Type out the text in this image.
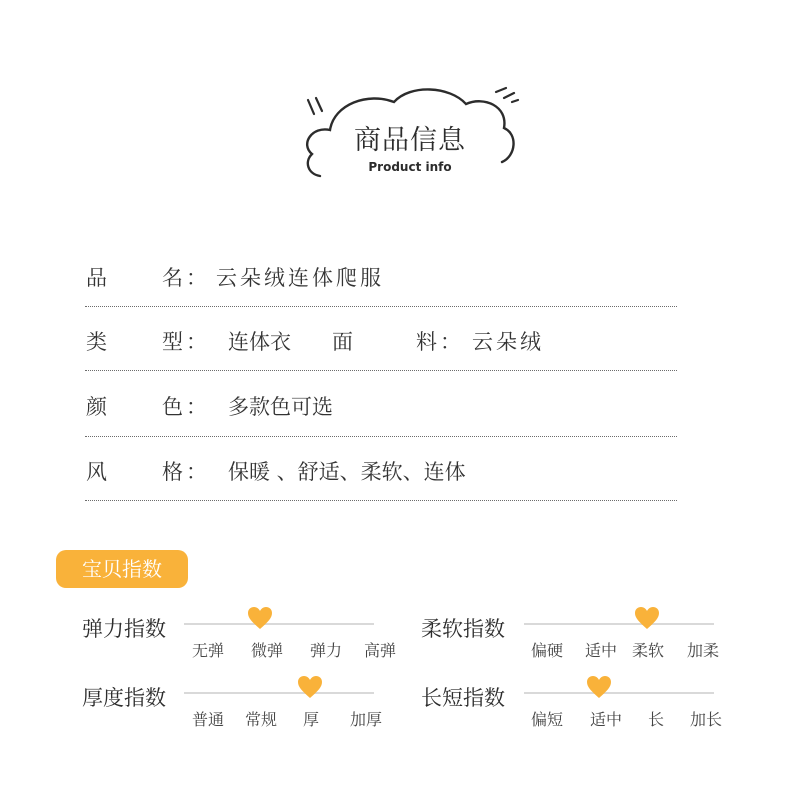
商品信息
Product info
品	名 ： 云朵绒连体爬服
类	型 ： 连体衣 面	料 ： 云朵绒
颜	色 ： 多款色可选
风	格 ： 保暖 、舒适、柔软、连体
宝贝指数
弹力指数
无弹	微弹	弹力	高弹
柔软指数
偏硬	适中 柔软	加柔
厚度指数
普通	常规	厚	加厚
长短指数
偏短	适中	长	加长
